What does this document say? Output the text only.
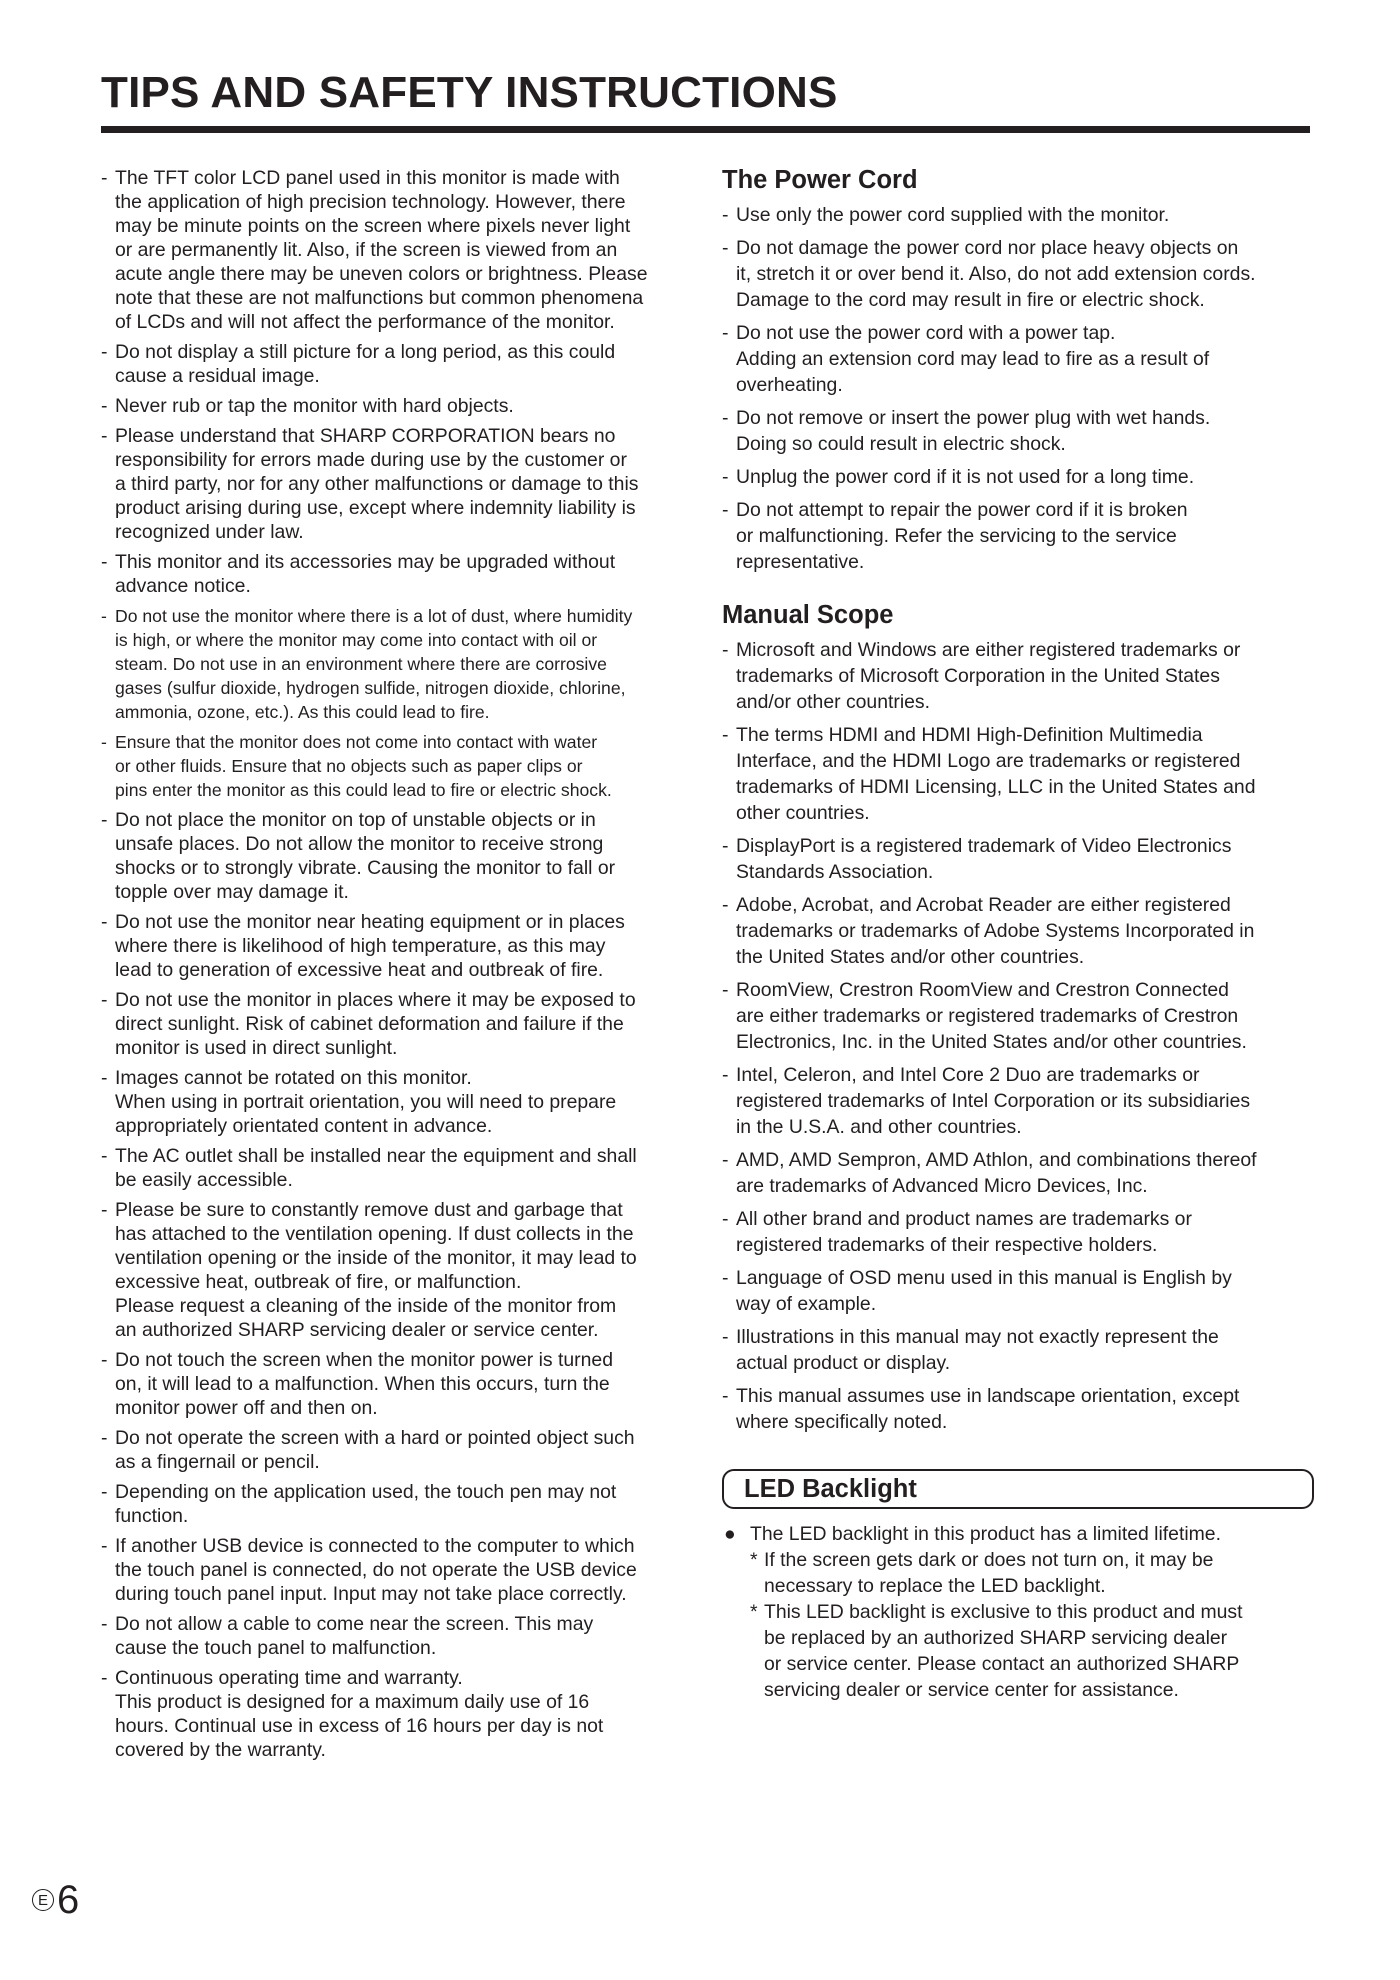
TIPS AND SAFETY INSTRUCTIONS
- The TFT color LCD panel used in this monitor is made with
the application of high precision technology. However, there
may be minute points on the screen where pixels never light
or are permanently lit. Also, if the screen is viewed from an
acute angle there may be uneven colors or brightness. Please
note that these are not malfunctions but common phenomena
of LCDs and will not affect the performance of the monitor.
- Do not display a still picture for a long period, as this could
cause a residual image.
- Never rub or tap the monitor with hard objects.
- Please understand that SHARP CORPORATION bears no
responsibility for errors made during use by the customer or
a third party, nor for any other malfunctions or damage to this
product arising during use, except where indemnity liability is
recognized under law.
- This monitor and its accessories may be upgraded without
advance notice.
- Do not use the monitor where there is a lot of dust, where humidity
is high, or where the monitor may come into contact with oil or
steam. Do not use in an environment where there are corrosive
gases (sulfur dioxide, hydrogen sulfide, nitrogen dioxide, chlorine,
ammonia, ozone, etc.). As this could lead to fire.
- Ensure that the monitor does not come into contact with water
or other fluids. Ensure that no objects such as paper clips or
pins enter the monitor as this could lead to fire or electric shock.
- Do not place the monitor on top of unstable objects or in
unsafe places. Do not allow the monitor to receive strong
shocks or to strongly vibrate. Causing the monitor to fall or
topple over may damage it.
- Do not use the monitor near heating equipment or in places
where there is likelihood of high temperature, as this may
lead to generation of excessive heat and outbreak of fire.
- Do not use the monitor in places where it may be exposed to
direct sunlight. Risk of cabinet deformation and failure if the
monitor is used in direct sunlight.
- Images cannot be rotated on this monitor.
When using in portrait orientation, you will need to prepare
appropriately orientated content in advance.
- The AC outlet shall be installed near the equipment and shall
be easily accessible.
- Please be sure to constantly remove dust and garbage that
has attached to the ventilation opening. If dust collects in the
ventilation opening or the inside of the monitor, it may lead to
excessive heat, outbreak of fire, or malfunction.
Please request a cleaning of the inside of the monitor from
an authorized SHARP servicing dealer or service center.
- Do not touch the screen when the monitor power is turned
on, it will lead to a malfunction. When this occurs, turn the
monitor power off and then on.
- Do not operate the screen with a hard or pointed object such
as a fingernail or pencil.
- Depending on the application used, the touch pen may not
function.
- If another USB device is connected to the computer to which
the touch panel is connected, do not operate the USB device
during touch panel input. Input may not take place correctly.
- Do not allow a cable to come near the screen. This may
cause the touch panel to malfunction.
- Continuous operating time and warranty.
This product is designed for a maximum daily use of 16
hours. Continual use in excess of 16 hours per day is not
covered by the warranty.
The Power Cord
- Use only the power cord supplied with the monitor.
- Do not damage the power cord nor place heavy objects on
it, stretch it or over bend it. Also, do not add extension cords.
Damage to the cord may result in fire or electric shock.
- Do not use the power cord with a power tap.
Adding an extension cord may lead to fire as a result of
overheating.
- Do not remove or insert the power plug with wet hands.
Doing so could result in electric shock.
- Unplug the power cord if it is not used for a long time.
- Do not attempt to repair the power cord if it is broken
or malfunctioning. Refer the servicing to the service
representative.
Manual Scope
- Microsoft and Windows are either registered trademarks or
trademarks of Microsoft Corporation in the United States
and/or other countries.
- The terms HDMI and HDMI High-Definition Multimedia
Interface, and the HDMI Logo are trademarks or registered
trademarks of HDMI Licensing, LLC in the United States and
other countries.
- DisplayPort is a registered trademark of Video Electronics
Standards Association.
- Adobe, Acrobat, and Acrobat Reader are either registered
trademarks or trademarks of Adobe Systems Incorporated in
the United States and/or other countries.
- RoomView, Crestron RoomView and Crestron Connected
are either trademarks or registered trademarks of Crestron
Electronics, Inc. in the United States and/or other countries.
- Intel, Celeron, and Intel Core 2 Duo are trademarks or
registered trademarks of Intel Corporation or its subsidiaries
in the U.S.A. and other countries.
- AMD, AMD Sempron, AMD Athlon, and combinations thereof
are trademarks of Advanced Micro Devices, Inc.
- All other brand and product names are trademarks or
registered trademarks of their respective holders.
- Language of OSD menu used in this manual is English by
way of example.
- Illustrations in this manual may not exactly represent the
actual product or display.
- This manual assumes use in landscape orientation, except
where specifically noted.
LED Backlight
● The LED backlight in this product has a limited lifetime.
* If the screen gets dark or does not turn on, it may be
necessary to replace the LED backlight.
* This LED backlight is exclusive to this product and must
be replaced by an authorized SHARP servicing dealer
or service center. Please contact an authorized SHARP
servicing dealer or service center for assistance.
E 6
